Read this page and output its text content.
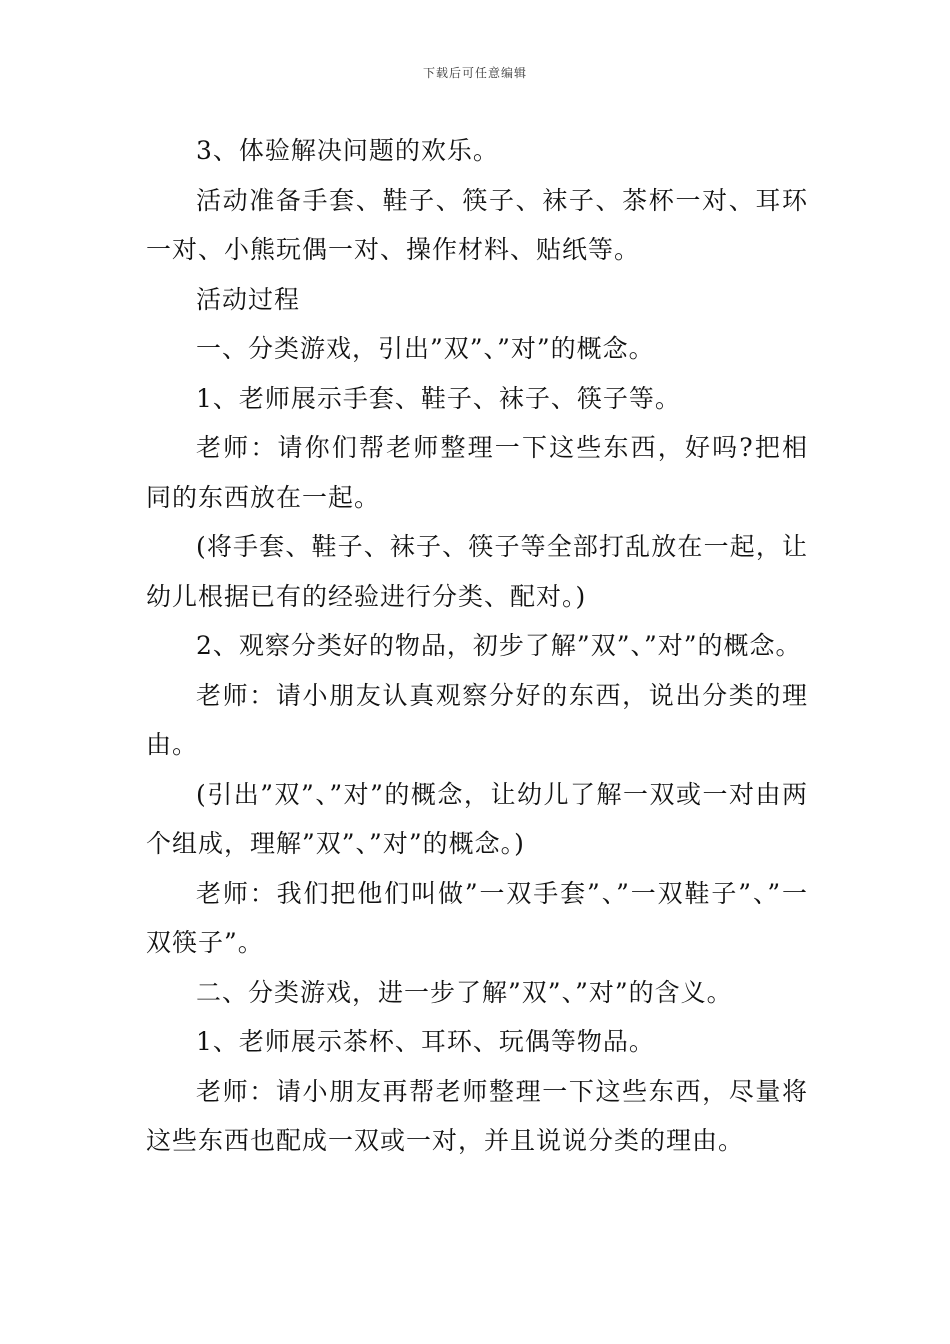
下载后可任意编辑

3、体验解决问题的欢乐。

活动准备手套、鞋子、筷子、袜子、茶杯一对、耳环一对、小熊玩偶一对、操作材料、贴纸等。

活动过程

一、分类游戏，引出”双”、”对”的概念。

1、老师展示手套、鞋子、袜子、筷子等。

老师：请你们帮老师整理一下这些东西，好吗?把相同的东西放在一起。

(将手套、鞋子、袜子、筷子等全部打乱放在一起，让幼儿根据已有的经验进行分类、配对。)

2、观察分类好的物品，初步了解”双”、”对”的概念。

老师：请小朋友认真观察分好的东西，说出分类的理由。

(引出”双”、”对”的概念，让幼儿了解一双或一对由两个组成，理解”双”、”对”的概念。)

老师：我们把他们叫做”一双手套”、”一双鞋子”、”一双筷子”。

二、分类游戏，进一步了解”双”、”对”的含义。

1、老师展示茶杯、耳环、玩偶等物品。

老师：请小朋友再帮老师整理一下这些东西，尽量将这些东西也配成一双或一对，并且说说分类的理由。
